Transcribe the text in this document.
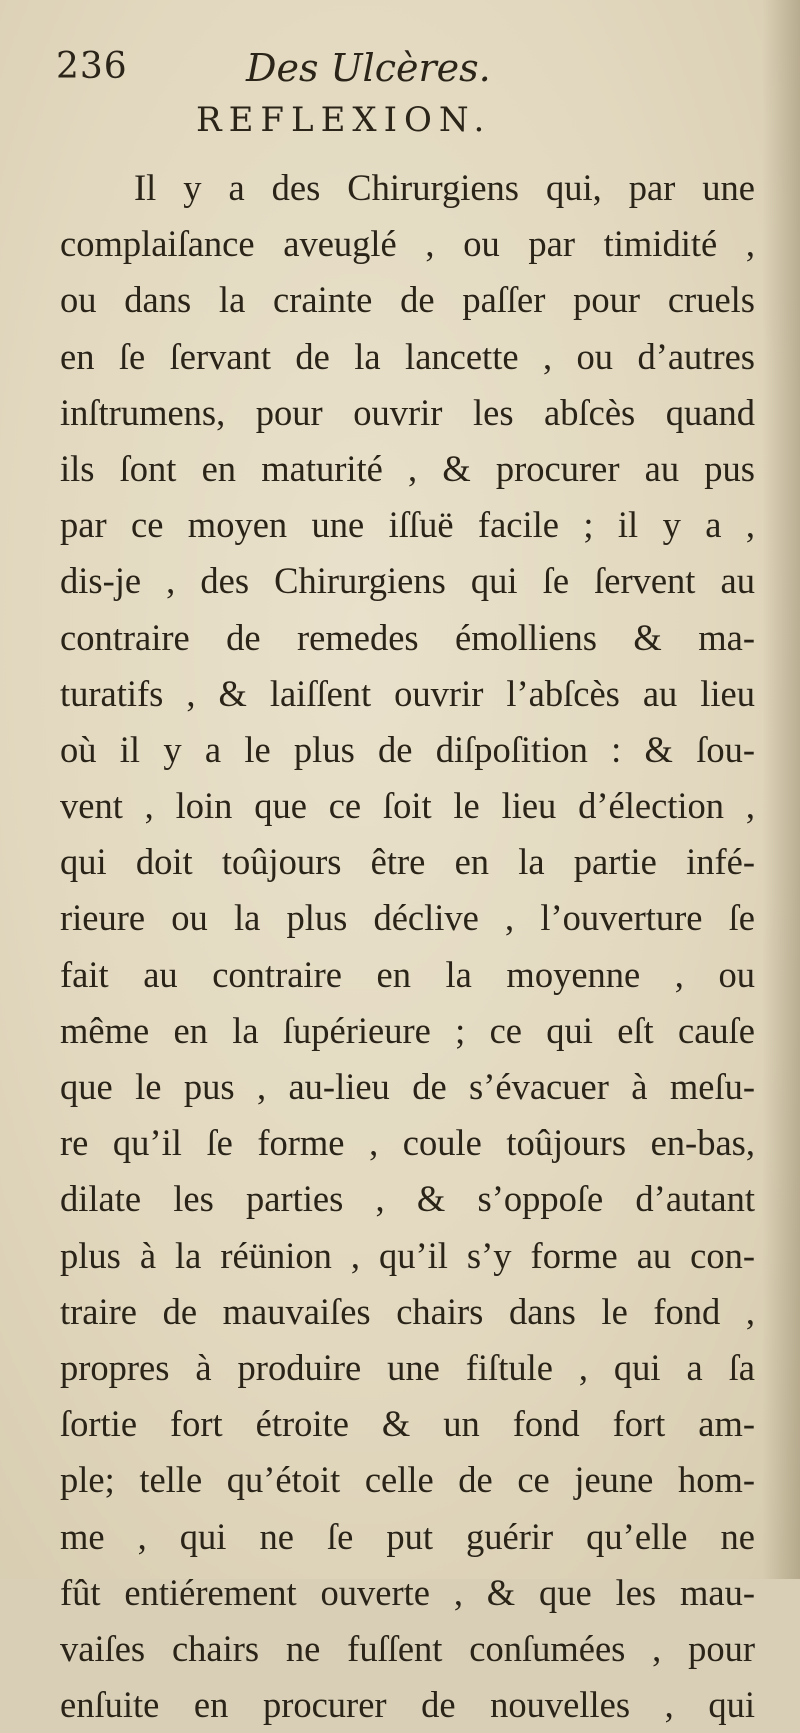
236	Des Ulcères.
REFLEXION.
Il y a des Chirurgiens qui, par une
complaiſance aveuglé , ou par timidité ,
ou dans la crainte de paſſer pour cruels
en ſe ſervant de la lancette , ou d’autres
inſtrumens, pour ouvrir les abſcès quand
ils ſont en maturité , & procurer au pus
par ce moyen une iſſuë facile ; il y a ,
dis-je , des Chirurgiens qui ſe ſervent au
contraire de remedes émolliens & ma-
turatifs , & laiſſent ouvrir l’abſcès au lieu
où il y a le plus de diſpoſition : & ſou-
vent , loin que ce ſoit le lieu d’élection ,
qui doit toûjours être en la partie infé-
rieure ou la plus déclive , l’ouverture ſe
fait au contraire en la moyenne , ou
même en la ſupérieure ; ce qui eſt cauſe
que le pus , au-lieu de s’évacuer à meſu-
re qu’il ſe forme , coule toûjours en-bas,
dilate les parties , & s’oppoſe d’autant
plus à la réünion , qu’il s’y forme au con-
traire de mauvaiſes chairs dans le fond ,
propres à produire une fiſtule , qui a ſa
ſortie fort étroite & un fond fort am-
ple; telle qu’étoit celle de ce jeune hom-
me , qui ne ſe put guérir qu’elle ne
fût entiérement ouverte , & que les mau-
vaiſes chairs ne fuſſent conſumées , pour
enſuite en procurer de nouvelles , qui
